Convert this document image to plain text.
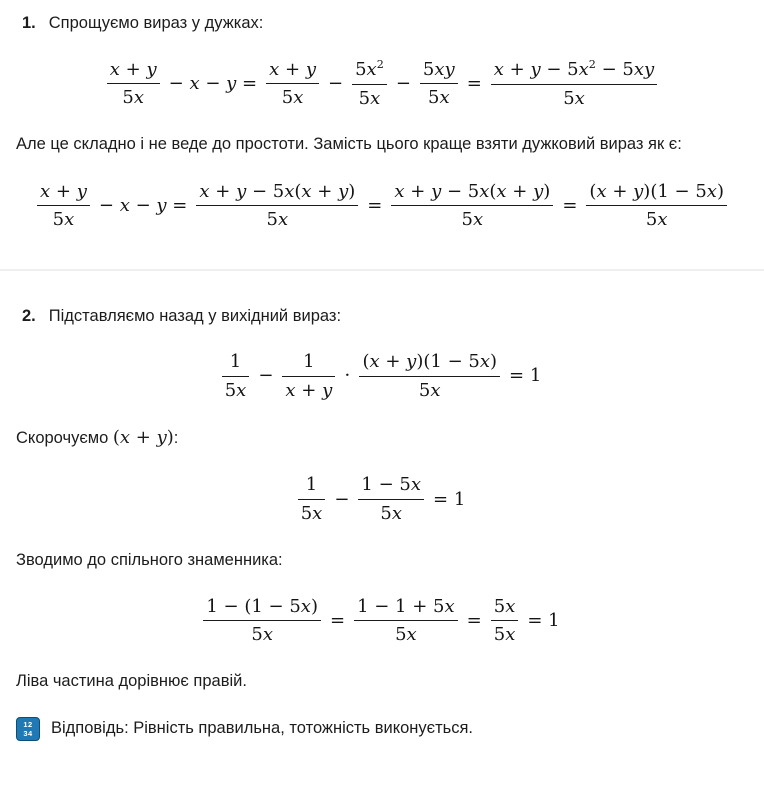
1. Спрощуємо вираз у дужках:
$\frac{x + y}{5x} - x - y = \frac{x + y}{5x} - \frac{5x^2}{5x} - \frac{5xy}{5x} = \frac{x + y - 5x^2 - 5xy}{5x}$
Але це складно і не веде до простоти. Замість цього краще взяти дужковий вираз як є:
$\frac{x + y}{5x} - x - y = \frac{x + y - 5x(x + y)}{5x} = \frac{x + y - 5x(x + y)}{5x} = \frac{(x + y)(1 - 5x)}{5x}$
2. Підставляємо назад у вихідний вираз:
$\frac{1}{5x} - \frac{1}{x + y} \cdot \frac{(x + y)(1 - 5x)}{5x} = 1$
Скорочуємо (x + y):
$\frac{1}{5x} - \frac{1 - 5x}{5x} = 1$
Зводимо до спільного знаменника:
$\frac{1 - (1 - 5x)}{5x} = \frac{1 - 1 + 5x}{5x} = \frac{5x}{5x} = 1$
Ліва частина дорівнює правій.
12
34 Відповідь: Рівність правильна, тотожність виконується.
